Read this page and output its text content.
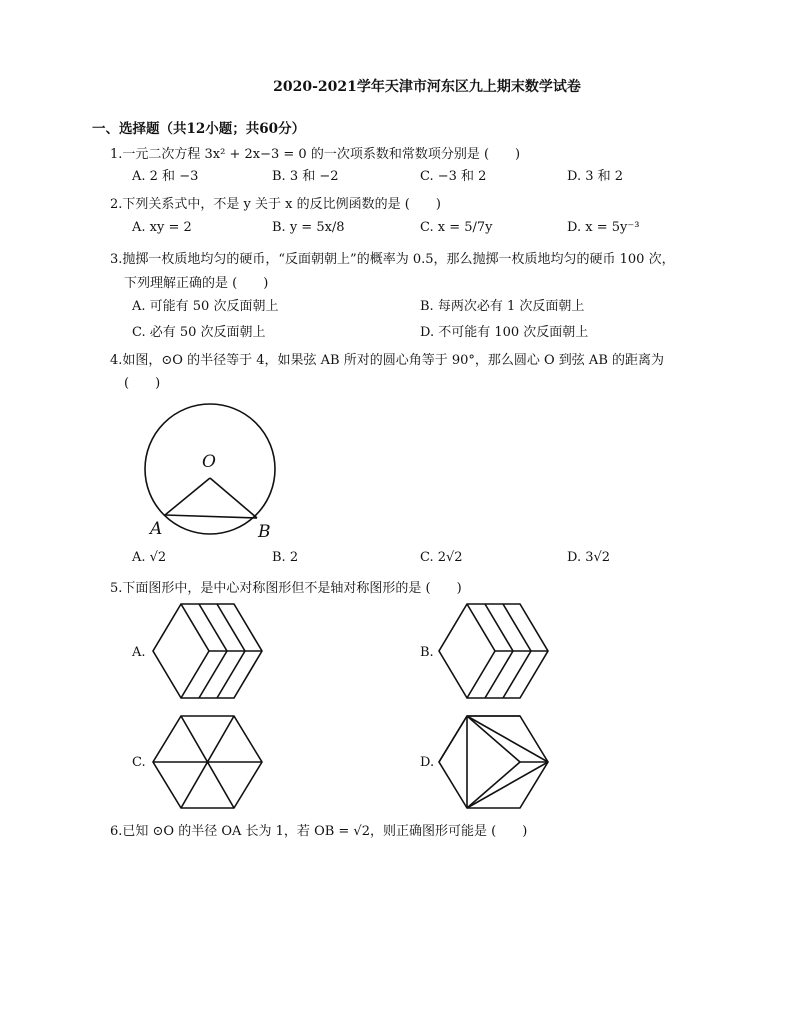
2020-2021学年天津市河东区九上期末数学试卷
一、选择题（共12小题；共60分）
1.一元二次方程 3x² + 2x−3 = 0 的一次项系数和常数项分别是 (　　)
A. 2 和 −3	B. 3 和 −2	C. −3 和 2	D. 3 和 2
2.下列关系式中，不是 y 关于 x 的反比例函数的是 (　　)
A. xy = 2	B. y = 5x/8	C. x = 5/7y	D. x = 5y⁻³
3.抛掷一枚质地均匀的硬币，“反面朝朝上”的概率为 0.5，那么抛掷一枚质地均匀的硬币 100 次，
下列理解正确的是 (　　)
A. 可能有 50 次反面朝上	B. 每两次必有 1 次反面朝上
C. 必有 50 次反面朝上	D. 不可能有 100 次反面朝上
4.如图，⊙O 的半径等于 4，如果弦 AB 所对的圆心角等于 90°，那么圆心 O 到弦 AB 的距离为
(　　)
O
A	B
A. √2	B. 2	C. 2√2	D. 3√2
5.下面图形中，是中心对称图形但不是轴对称图形的是 (　　)
A.	B.
C.	D.
6.已知 ⊙O 的半径 OA 长为 1，若 OB = √2，则正确图形可能是 (　　)
